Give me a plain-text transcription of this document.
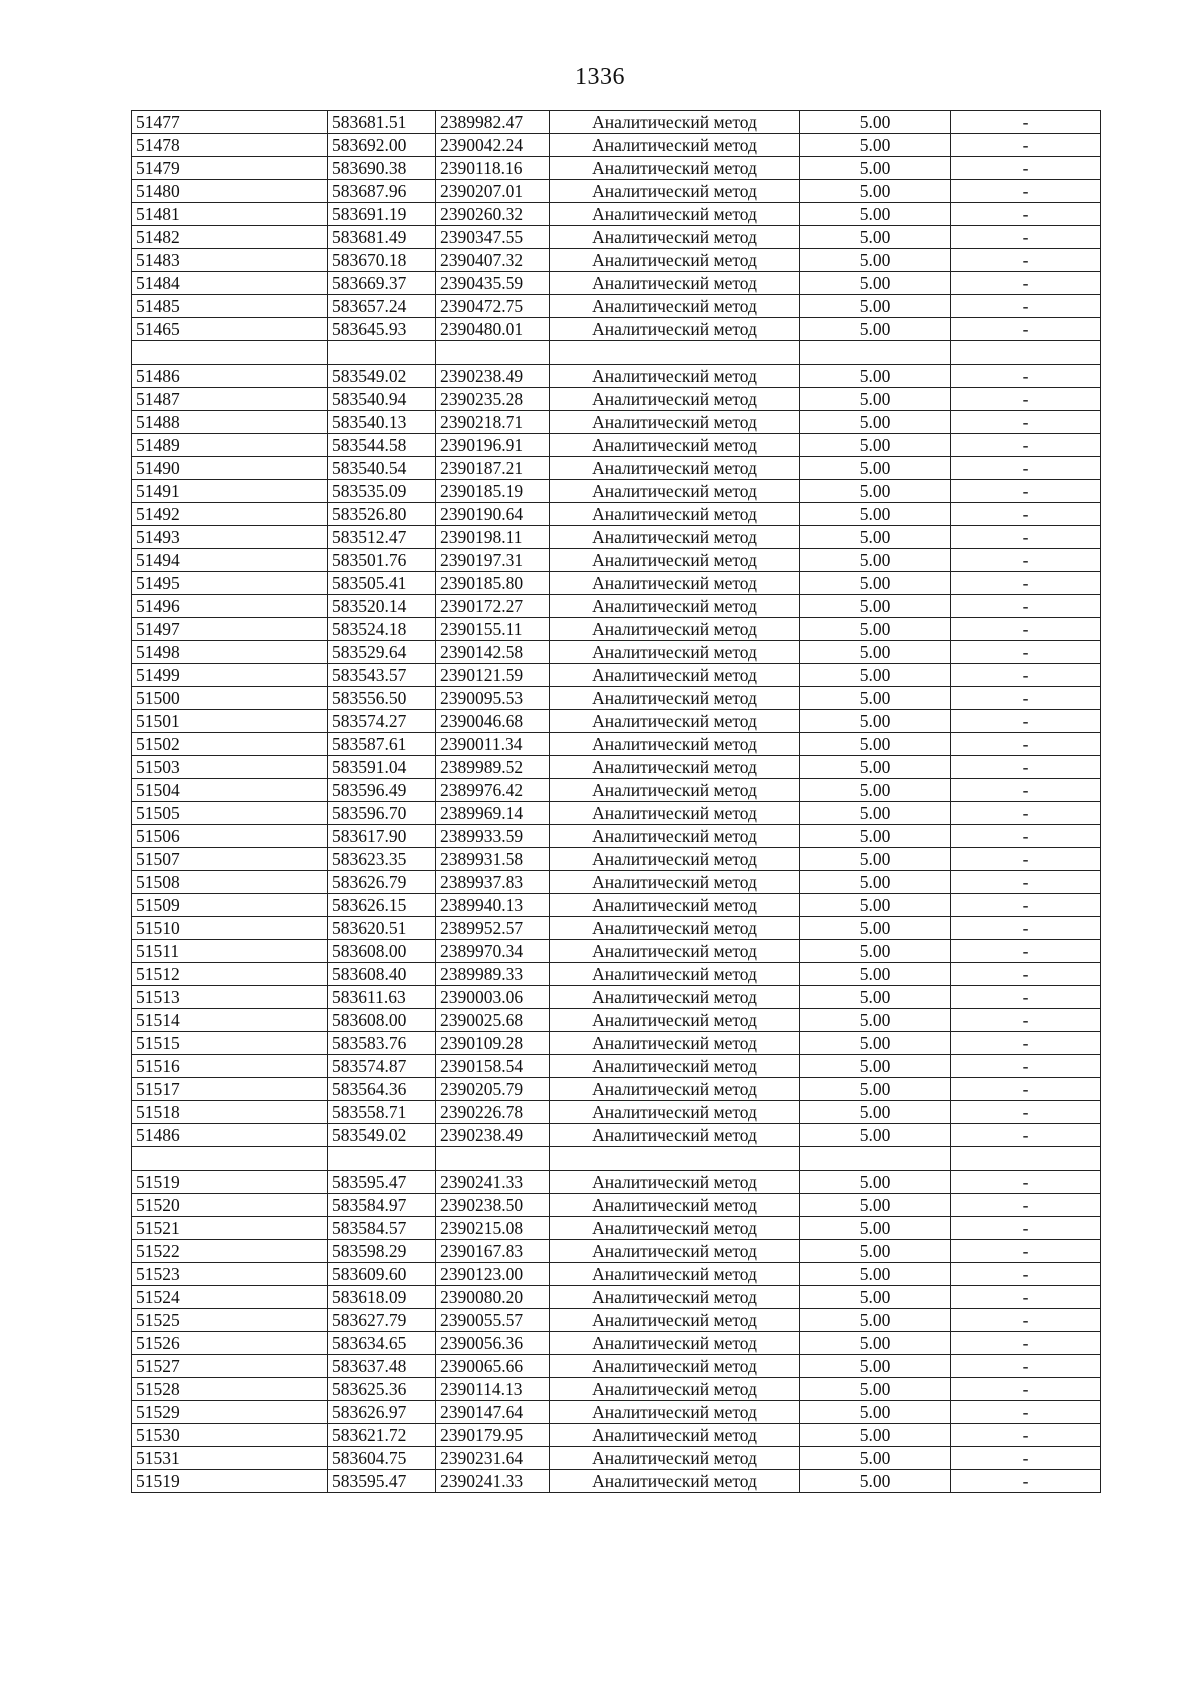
1336
51477	583681.51	2389982.47	Аналитический метод	5.00	-
51478	583692.00	2390042.24	Аналитический метод	5.00	-
51479	583690.38	2390118.16	Аналитический метод	5.00	-
51480	583687.96	2390207.01	Аналитический метод	5.00	-
51481	583691.19	2390260.32	Аналитический метод	5.00	-
51482	583681.49	2390347.55	Аналитический метод	5.00	-
51483	583670.18	2390407.32	Аналитический метод	5.00	-
51484	583669.37	2390435.59	Аналитический метод	5.00	-
51485	583657.24	2390472.75	Аналитический метод	5.00	-
51465	583645.93	2390480.01	Аналитический метод	5.00	-

51486	583549.02	2390238.49	Аналитический метод	5.00	-
51487	583540.94	2390235.28	Аналитический метод	5.00	-
51488	583540.13	2390218.71	Аналитический метод	5.00	-
51489	583544.58	2390196.91	Аналитический метод	5.00	-
51490	583540.54	2390187.21	Аналитический метод	5.00	-
51491	583535.09	2390185.19	Аналитический метод	5.00	-
51492	583526.80	2390190.64	Аналитический метод	5.00	-
51493	583512.47	2390198.11	Аналитический метод	5.00	-
51494	583501.76	2390197.31	Аналитический метод	5.00	-
51495	583505.41	2390185.80	Аналитический метод	5.00	-
51496	583520.14	2390172.27	Аналитический метод	5.00	-
51497	583524.18	2390155.11	Аналитический метод	5.00	-
51498	583529.64	2390142.58	Аналитический метод	5.00	-
51499	583543.57	2390121.59	Аналитический метод	5.00	-
51500	583556.50	2390095.53	Аналитический метод	5.00	-
51501	583574.27	2390046.68	Аналитический метод	5.00	-
51502	583587.61	2390011.34	Аналитический метод	5.00	-
51503	583591.04	2389989.52	Аналитический метод	5.00	-
51504	583596.49	2389976.42	Аналитический метод	5.00	-
51505	583596.70	2389969.14	Аналитический метод	5.00	-
51506	583617.90	2389933.59	Аналитический метод	5.00	-
51507	583623.35	2389931.58	Аналитический метод	5.00	-
51508	583626.79	2389937.83	Аналитический метод	5.00	-
51509	583626.15	2389940.13	Аналитический метод	5.00	-
51510	583620.51	2389952.57	Аналитический метод	5.00	-
51511	583608.00	2389970.34	Аналитический метод	5.00	-
51512	583608.40	2389989.33	Аналитический метод	5.00	-
51513	583611.63	2390003.06	Аналитический метод	5.00	-
51514	583608.00	2390025.68	Аналитический метод	5.00	-
51515	583583.76	2390109.28	Аналитический метод	5.00	-
51516	583574.87	2390158.54	Аналитический метод	5.00	-
51517	583564.36	2390205.79	Аналитический метод	5.00	-
51518	583558.71	2390226.78	Аналитический метод	5.00	-
51486	583549.02	2390238.49	Аналитический метод	5.00	-

51519	583595.47	2390241.33	Аналитический метод	5.00	-
51520	583584.97	2390238.50	Аналитический метод	5.00	-
51521	583584.57	2390215.08	Аналитический метод	5.00	-
51522	583598.29	2390167.83	Аналитический метод	5.00	-
51523	583609.60	2390123.00	Аналитический метод	5.00	-
51524	583618.09	2390080.20	Аналитический метод	5.00	-
51525	583627.79	2390055.57	Аналитический метод	5.00	-
51526	583634.65	2390056.36	Аналитический метод	5.00	-
51527	583637.48	2390065.66	Аналитический метод	5.00	-
51528	583625.36	2390114.13	Аналитический метод	5.00	-
51529	583626.97	2390147.64	Аналитический метод	5.00	-
51530	583621.72	2390179.95	Аналитический метод	5.00	-
51531	583604.75	2390231.64	Аналитический метод	5.00	-
51519	583595.47	2390241.33	Аналитический метод	5.00	-
